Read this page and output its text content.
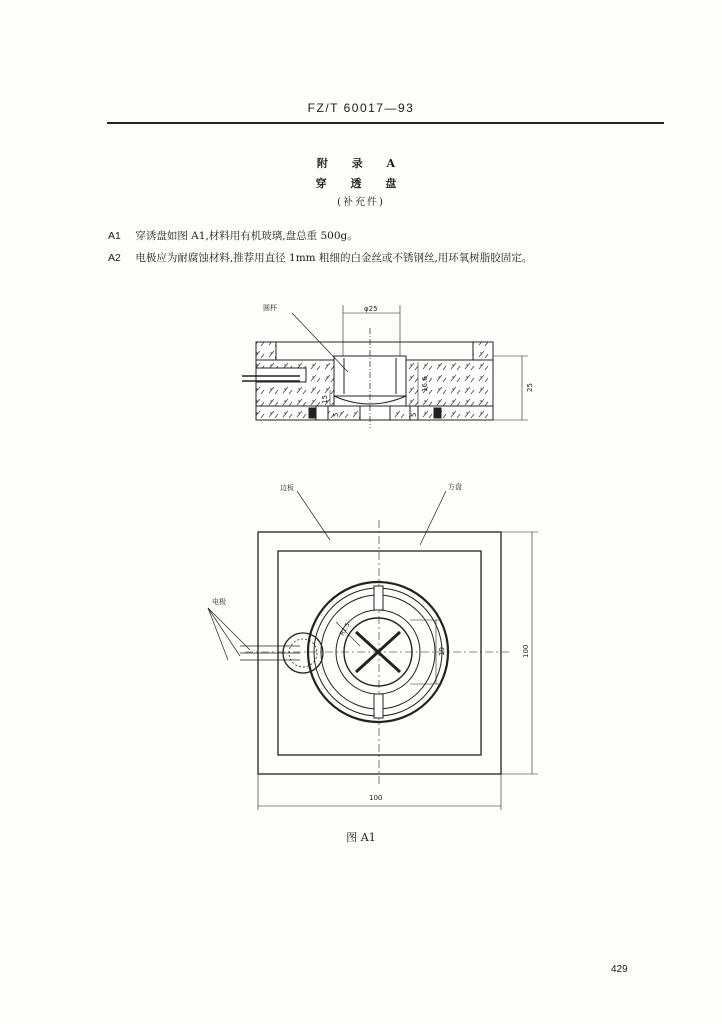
FZ/T 60017—93
附 录 A
穿 透 盘
(补充件)
A1 穿诱盘如图 A1,材料用有机玻璃,盘总重 500g。
A2 电极应为耐腐蚀材料,推荐用直径 1mm 粗细的白金丝或不锈钢丝,用环氧树脂胶固定。
圆杯	φ25
25
16.6
15
5	5
边板	方盘
电极
100
100
19
R1.5
图 A1
429
